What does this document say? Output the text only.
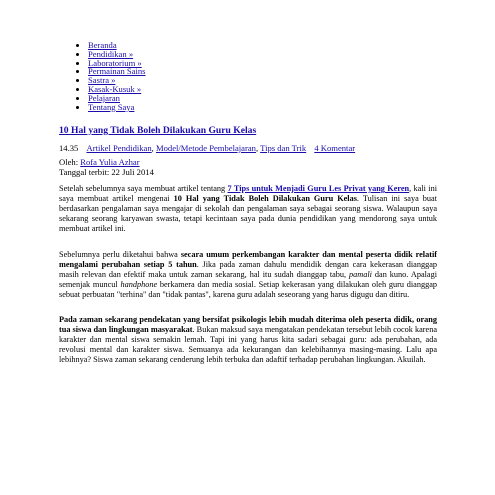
• Beranda
• Pendidikan »
• Laboratorium »
• Permainan Sains
• Sastra »
• Kasak-Kusuk »
• Pelajaran
• Tentang Saya
10 Hal yang Tidak Boleh Dilakukan Guru Kelas
14.35 Artikel Pendidikan, Model/Metode Pembelajaran, Tips dan Trik 4 Komentar
Oleh: Rofa Yulia Azhar
Tanggal terbit: 22 Juli 2014

Setelah sebelumnya saya membuat artikel tentang 7 Tips untuk Menjadi Guru Les Privat yang Keren, kali ini saya membuat artikel mengenai 10 Hal yang Tidak Boleh Dilakukan Guru Kelas. Tulisan ini saya buat berdasarkan pengalaman saya mengajar di sekolah dan pengalaman saya sebagai seorang siswa. Walaupun saya sekarang seorang karyawan swasta, tetapi kecintaan saya pada dunia pendidikan yang mendorong saya untuk membuat artikel ini.

Sebelumnya perlu diketahui bahwa secara umum perkembangan karakter dan mental peserta didik relatif mengalami perubahan setiap 5 tahun. Jika pada zaman dahulu mendidik dengan cara kekerasan dianggap masih relevan dan efektif maka untuk zaman sekarang, hal itu sudah dianggap tabu, pamali dan kuno. Apalagi semenjak muncul handphone berkamera dan media sosial. Setiap kekerasan yang dilakukan oleh guru dianggap sebuat perbuatan "terhina" dan "tidak pantas", karena guru adalah seseorang yang harus digugu dan ditiru.

Pada zaman sekarang pendekatan yang bersifat psikologis lebih mudah diterima oleh peserta didik, orang tua siswa dan lingkungan masyarakat. Bukan maksud saya mengatakan pendekatan tersebut lebih cocok karena karakter dan mental siswa semakin lemah. Tapi ini yang harus kita sadari sebagai guru: ada perubahan, ada revolusi mental dan karakter siswa. Semuanya ada kekurangan dan kelebihannya masing-masing. Lalu apa lebihnya? Siswa zaman sekarang cenderung lebih terbuka dan adaftif terhadap perubahan lingkungan. Akuilah.
